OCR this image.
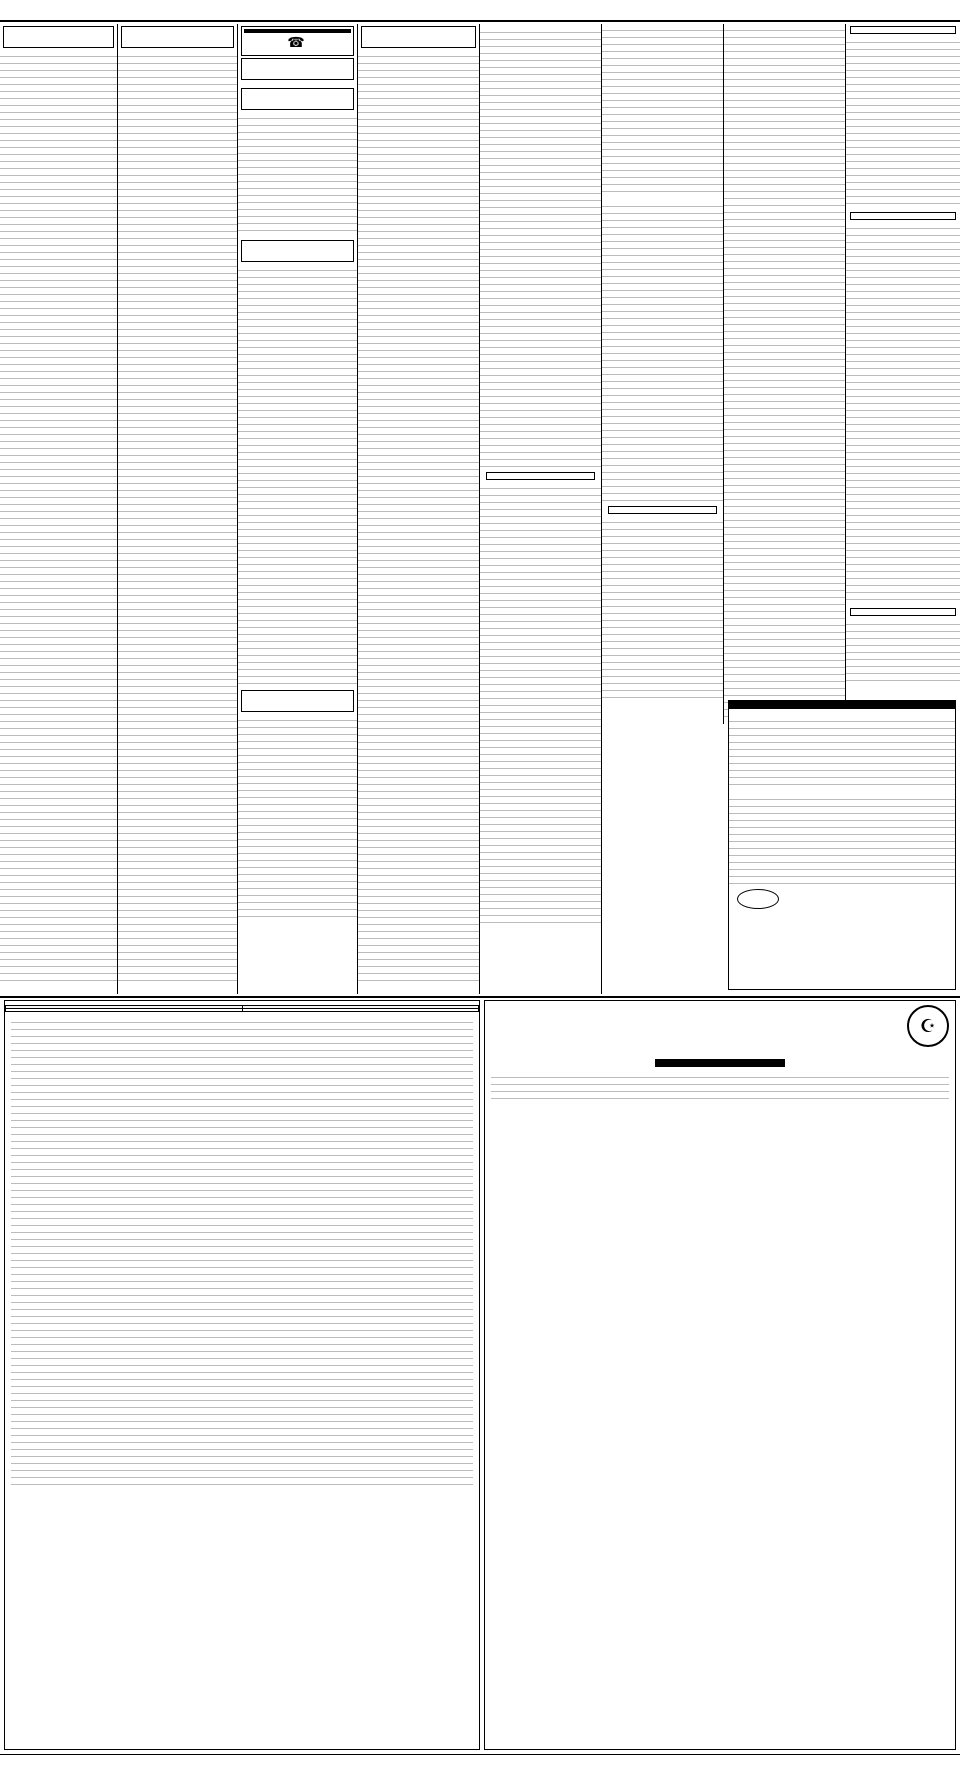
☎

☪
